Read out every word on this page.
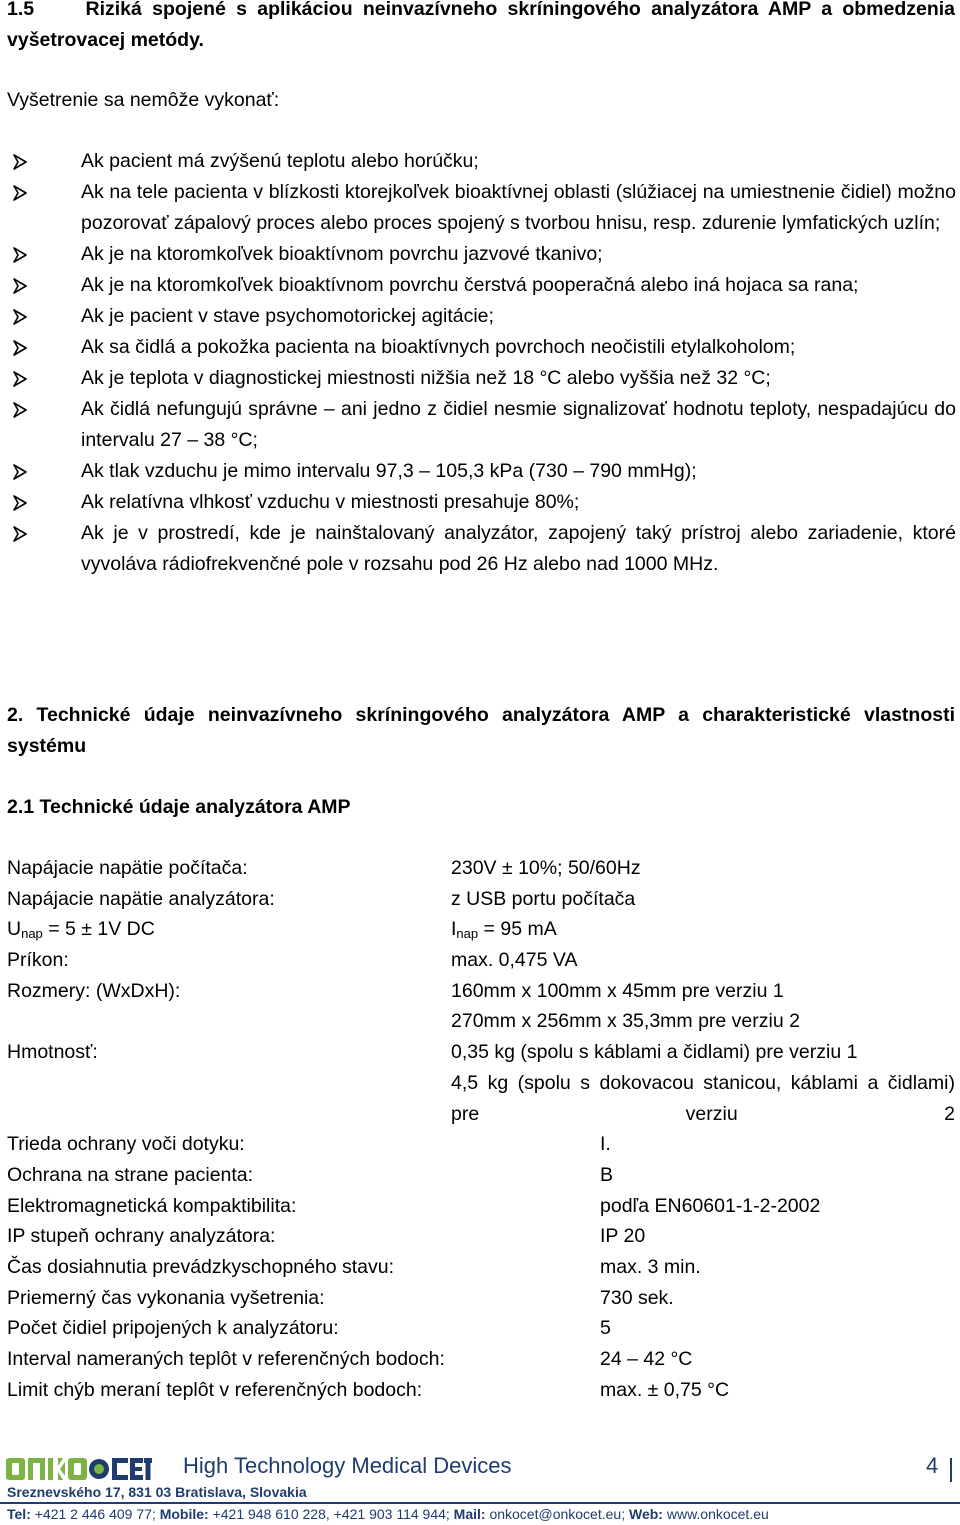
1.5	Riziká spojené s aplikáciou neinvazívneho skríningového analyzátora AMP a obmedzenia vyšetrovacej metódy.
Vyšetrenie sa nemôže vykonať:
Ak pacient má zvýšenú teplotu alebo horúčku;
Ak na tele pacienta v blízkosti ktorejkoľvek bioaktívnej oblasti (slúžiacej na umiestnenie čidiel) možno pozorovať zápalový proces alebo proces spojený s tvorbou hnisu, resp. zdurenie lymfatických uzlín;
Ak je na ktoromkoľvek bioaktívnom povrchu jazvové tkanivo;
Ak je na ktoromkoľvek bioaktívnom povrchu čerstvá pooperačná alebo iná hojaca sa rana;
Ak je pacient v stave psychomotorickej agitácie;
Ak sa čidlá a pokožka pacienta na bioaktívnych povrchoch neočistili etylalkoholom;
Ak je teplota v diagnostickej miestnosti nižšia než 18 °C alebo vyššia než 32 °C;
Ak čidlá nefungujú správne – ani jedno z čidiel nesmie signalizovať hodnotu teploty, nespadajúcu do intervalu 27 – 38 °C;
Ak tlak vzduchu je mimo intervalu 97,3 – 105,3 kPa (730 – 790 mmHg);
Ak relatívna vlhkosť vzduchu v miestnosti presahuje 80%;
Ak je v prostredí, kde je nainštalovaný analyzátor, zapojený taký prístroj alebo zariadenie, ktoré vyvoláva rádiofrekvenčné pole v rozsahu pod 26 Hz alebo nad 1000 MHz.
2. Technické údaje neinvazívneho skríningového analyzátora AMP a charakteristické vlastnosti systému
2.1 Technické údaje analyzátora AMP
Napájacie napätie počítača:	230V ± 10%; 50/60Hz
Napájacie napätie analyzátora:	z USB portu počítača
$U_{nap} = 5 \pm 1V$ DC	$I_{nap} = 95$ mA
Príkon:	max. 0,475 VA
Rozmery: (WxDxH):	160mm x 100mm x 45mm pre verziu 1
270mm x 256mm x 35,3mm pre verziu 2
Hmotnosť:	0,35 kg (spolu s káblami a čidlami) pre verziu 1
4,5 kg (spolu s dokovacou stanicou, káblami a čidlami) pre verziu 2
Trieda ochrany voči dotyku:	I.
Ochrana na strane pacienta:	B
Elektromagnetická kompaktibilita:	podľa EN60601-1-2-2002
IP stupeň ochrany analyzátora:	IP 20
Čas dosiahnutia prevádzkyschopného stavu:	max. 3 min.
Priemerný čas vykonania vyšetrenia:	730 sek.
Počet čidiel pripojených k analyzátoru:	5
Interval nameraných teplôt v referenčných bodoch:	24 – 42 °C
Limit chýb meraní teplôt v referenčných bodoch:	max. ± 0,75 °C
High Technology Medical Devices	4
Sreznevského 17, 831 03 Bratislava, Slovakia
Tel: +421 2 446 409 77; Mobile: +421 948 610 228, +421 903 114 944; Mail: onkocet@onkocet.eu; Web: www.onkocet.eu
